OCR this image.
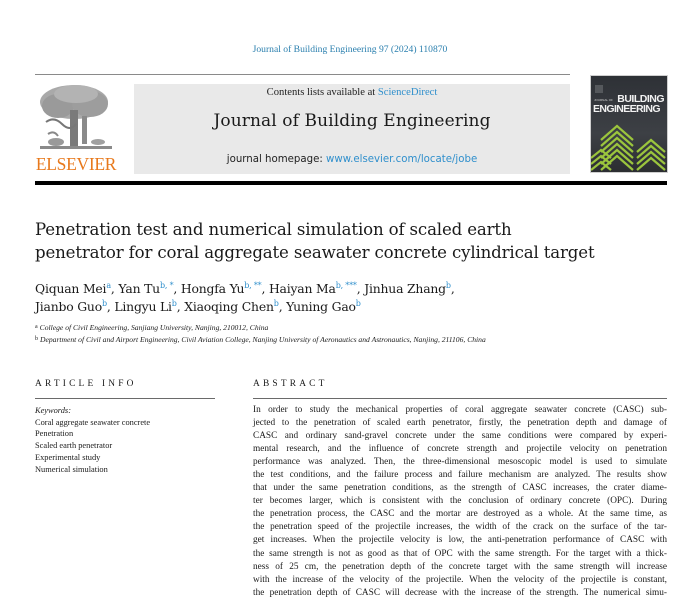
Journal of Building Engineering 97 (2024) 110870
ELSEVIER
Contents lists available at ScienceDirect
Journal of Building Engineering
journal homepage: www.elsevier.com/locate/jobe
JOURNAL OF BUILDING
ENGINEERING
Penetration test and numerical simulation of scaled earth
penetrator for coral aggregate seawater concrete cylindrical target
Qiquan Mei$^a$, Yan $Tu^{b, *}$, Hongfa $Yu^{b, **}$, Haiyan $Ma^{b, ***}$, Jinhua Zhang$^b$,
Jianbo Guo$^b$, Lingyu Li$^b$, Xiaoqing Chen$^b$, Yuning Gao$^b$
$^a$ College of Civil Engineering, Sanjiang University, Nanjing, 210012, China
$^b$ Department of Civil and Airport Engineering, Civil Aviation College, Nanjing University of Aeronautics and Astronautics, Nanjing, 211106, China
ARTICLE INFO	ABSTRACT
Keywords:
Coral aggregate seawater concrete
Penetration
Scaled earth penetrator
Experimental study
Numerical simulation
In order to study the mechanical properties of coral aggregate seawater concrete (CASC) sub-
jected to the penetration of scaled earth penetrator, firstly, the penetration depth and damage of
CASC and ordinary sand-gravel concrete under the same conditions were compared by experi-
mental research, and the influence of concrete strength and projectile velocity on penetration
performance was analyzed. Then, the three-dimensional mesoscopic model is used to simulate
the test conditions, and the failure process and failure mechanism are analyzed. The results show
that under the same penetration conditions, as the strength of CASC increases, the crater diame-
ter becomes larger, which is consistent with the conclusion of ordinary concrete (OPC). During
the penetration process, the CASC and the mortar are destroyed as a whole. At the same time, as
the penetration speed of the projectile increases, the width of the crack on the surface of the tar-
get increases. When the projectile velocity is low, the anti-penetration performance of CASC with
the same strength is not as good as that of OPC with the same strength. For the target with a thick-
ness of 25 cm, the penetration depth of the concrete target with the same strength will increase
with the increase of the velocity of the projectile. When the velocity of the projectile is constant,
the penetration depth of CASC will decrease with the increase of the strength. The numerical simu-
